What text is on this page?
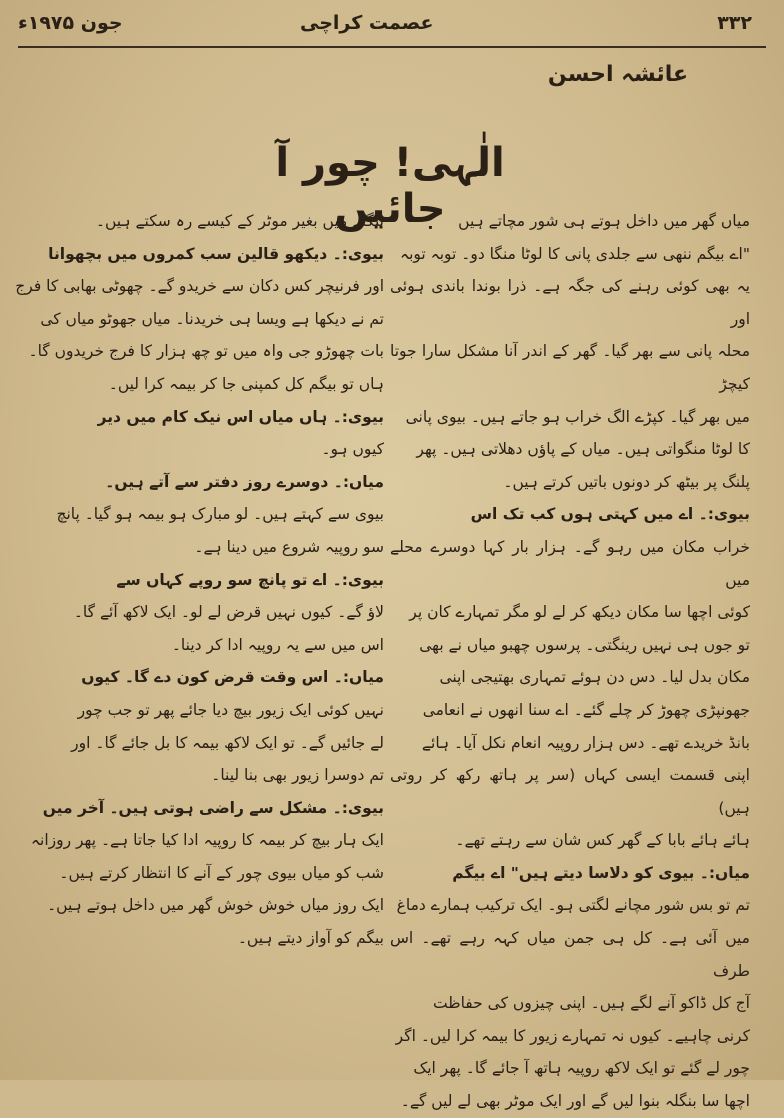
۳۳۲
عصمت کراچی
جون ۱۹۷۵ء
عائشہ احسن
الٰہی! چور آ جائیں میاں گھر میں داخل ہوتے ہی شور مچاتے ہیں

"اے بیگم ننھی سے جلدی پانی کا لوٹا منگا دو۔ توبہ توبہ

یہ بھی کوئی رہنے کی جگہ ہے۔ ذرا بوندا باندی ہوئی اور

محلہ پانی سے بھر گیا۔ گھر کے اندر آنا مشکل سارا جوتا کیچڑ

میں بھر گیا۔ کپڑے الگ خراب ہو جاتے ہیں۔ بیوی پانی

کا لوٹا منگواتی ہیں۔ میاں کے پاؤں دھلاتی ہیں۔ پھر

پلنگ پر بیٹھ کر دونوں باتیں کرتے ہیں۔

بیوی:۔ اے میں کہتی ہوں کب تک اس

خراب مکان میں رہو گے۔ ہزار بار کہا دوسرے محلے میں

کوئی اچھا سا مکان دیکھ کر لے لو مگر تمہارے کان پر

تو جوں ہی نہیں رینگتی۔ پرسوں چھبو میاں نے بھی

مکان بدل لیا۔ دس دن ہوئے تمہاری بھتیجی اپنی

جھونپڑی چھوڑ کر چلے گئے۔ اے سنا انھوں نے انعامی

بانڈ خریدے تھے۔ دس ہزار روپیہ انعام نکل آیا۔ ہائے

اپنی قسمت ایسی کہاں (سر پر ہاتھ رکھ کر روتی ہیں)

ہائے ہائے بابا کے گھر کس شان سے رہتے تھے۔

میاں:۔ بیوی کو دلاسا دیتے ہیں" اے بیگم

تم تو بس شور مچانے لگتی ہو۔ ایک ترکیب ہمارے دماغ

میں آئی ہے۔ کل ہی جمن میاں کہہ رہے تھے۔ اس طرف

آج کل ڈاکو آنے لگے ہیں۔ اپنی چیزوں کی حفاظت

کرنی چاہیے۔ کیوں نہ تمہارے زیور کا بیمہ کرا لیں۔ اگر

چور لے گئے تو ایک لاکھ روپیہ ہاتھ آ جائے گا۔ پھر ایک

اچھا سا بنگلہ بنوا لیں گے اور ایک موٹر بھی لے لیں گے۔

بنگلے میں بغیر موٹر کے کیسے رہ سکتے ہیں۔

بیوی:۔ دیکھو قالین سب کمروں میں بچھوانا

اور فرنیچر کس دکان سے خریدو گے۔ چھوٹی بھابی کا فرج

تم نے دیکھا ہے ویسا ہی خریدنا۔ میاں جھوٹو میاں کی

بات چھوڑو جی واہ میں تو چھ ہزار کا فرج خریدوں گا۔

ہاں تو بیگم کل کمپنی جا کر بیمہ کرا لیں۔

بیوی:۔ ہاں میاں اس نیک کام میں دیر

کیوں ہو۔

میاں:۔ دوسرے روز دفتر سے آتے ہیں۔

بیوی سے کہتے ہیں۔ لو مبارک ہو بیمہ ہو گیا۔ پانچ

سو روپیہ شروع میں دینا ہے۔

بیوی:۔ اے تو پانچ سو روپے کہاں سے

لاؤ گے۔ کیوں نہیں قرض لے لو۔ ایک لاکھ آئے گا۔

اس میں سے یہ روپیہ ادا کر دینا۔

میاں:۔ اس وقت قرض کون دے گا۔ کیوں

نہیں کوئی ایک زیور بیچ دیا جائے پھر تو جب چور

لے جائیں گے۔ تو ایک لاکھ بیمہ کا بل جائے گا۔ اور

تم دوسرا زیور بھی بنا لینا۔

بیوی:۔ مشکل سے راضی ہوتی ہیں۔ آخر میں

ایک ہار بیچ کر بیمہ کا روپیہ ادا کیا جاتا ہے۔ پھر روزانہ

شب کو میاں بیوی چور کے آنے کا انتظار کرتے ہیں۔

ایک روز میاں خوش خوش گھر میں داخل ہوتے ہیں۔

بیگم کو آواز دیتے ہیں۔
